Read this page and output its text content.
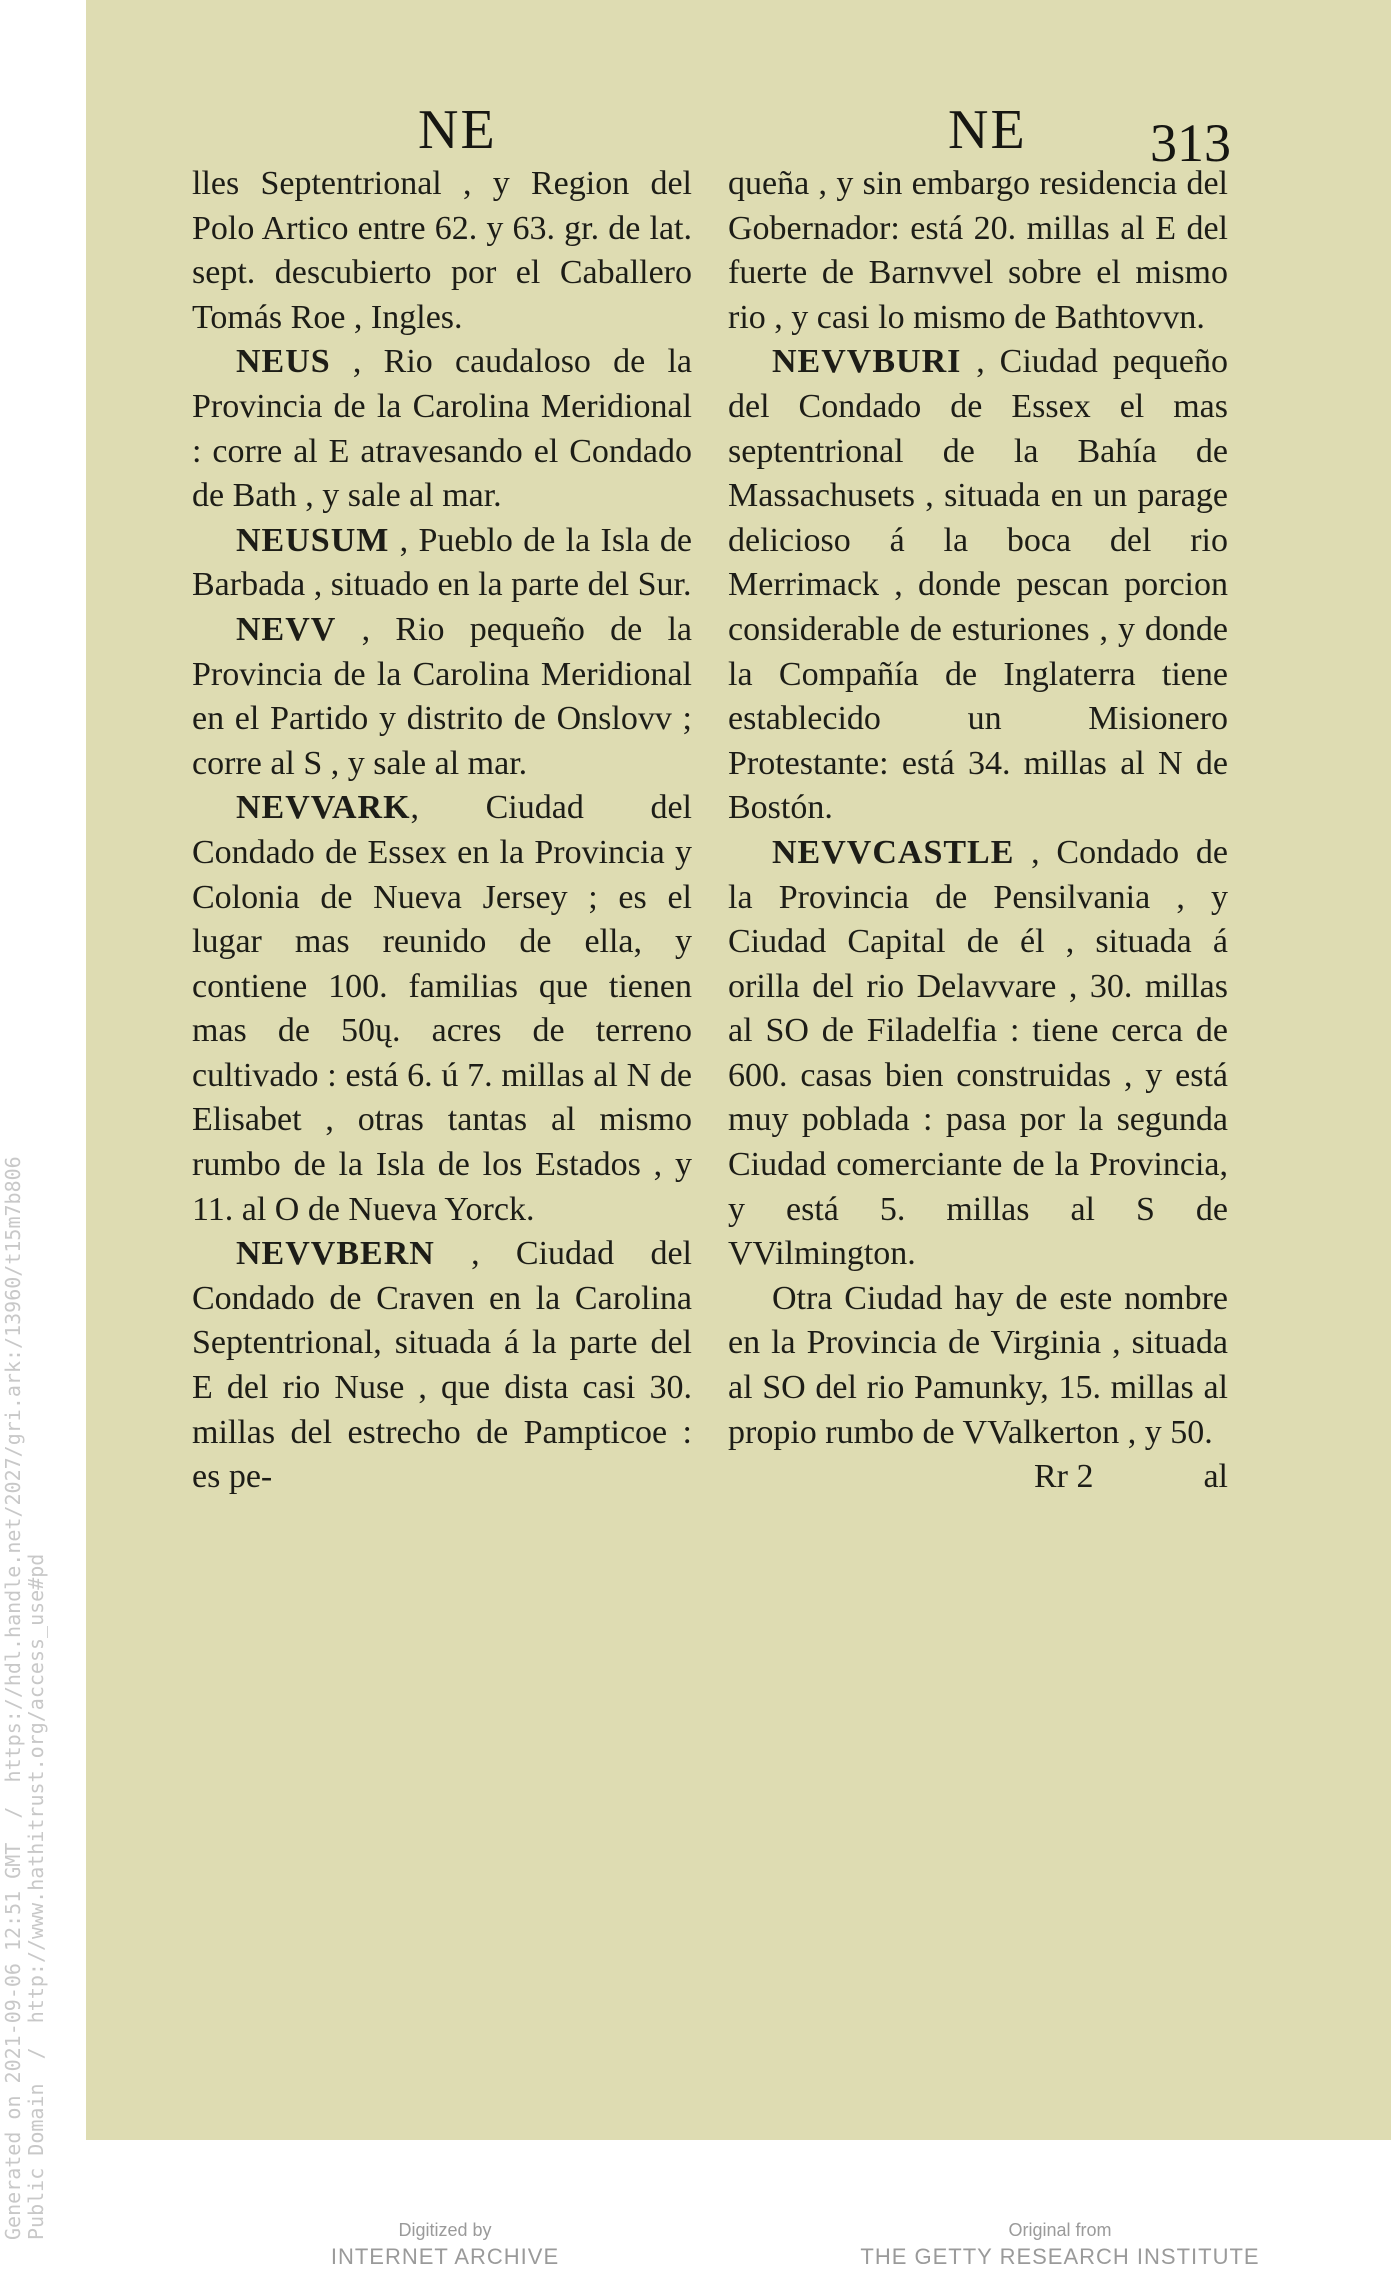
Generated on 2021-09-06 12:51 GMT  /  https://hdl.handle.net/2027/gri.ark:/13960/t15m7b806
Public Domain  /  http://www.hathitrust.org/access_use#pd
NE	NE 313

lles Septentrional , y Region del Polo Artico entre 62. y 63. gr. de lat. sept. descubierto por el Caballero Tomás Roe , Ingles.

NEUS , Rio caudaloso de la Provincia de la Carolina Meridional : corre al E atravesando el Condado de Bath , y sale al mar.

NEUSUM , Pueblo de la Isla de Barbada , situado en la parte del Sur.

NEVV , Rio pequeño de la Provincia de la Carolina Meridional en el Partido y distrito de Onslovv ; corre al S , y sale al mar.

NEVVARK, Ciudad del Condado de Essex en la Provincia y Colonia de Nueva Jersey ; es el lugar mas reunido de ella, y contiene 100. familias que tienen mas de 50ų. acres de terreno cultivado : está 6. ú 7. millas al N de Elisabet , otras tantas al mismo rumbo de la Isla de los Estados , y 11. al O de Nueva Yorck.

NEVVBERN , Ciudad del Condado de Craven en la Carolina Septentrional, situada á la parte del E del rio Nuse , que dista casi 30. millas del estrecho de Pampticoe : es pe-

queña , y sin embargo residencia del Gobernador: está 20. millas al E del fuerte de Barnvvel sobre el mismo rio , y casi lo mismo de Bathtovvn.

NEVVBURI , Ciudad pequeño del Condado de Essex el mas septentrional de la Bahía de Massachusets , situada en un parage delicioso á la boca del rio Merrimack , donde pescan porcion considerable de esturiones , y donde la Compañía de Inglaterra tiene establecido un Misionero Protestante: está 34. millas al N de Bostón.

NEVVCASTLE , Condado de la Provincia de Pensilvania , y Ciudad Capital de él , situada á orilla del rio Delavvare , 30. millas al SO de Filadelfia : tiene cerca de 600. casas bien construidas , y está muy poblada : pasa por la segunda Ciudad comerciante de la Provincia, y está 5. millas al S de VVilmington.

Otra Ciudad hay de este nombre en la Provincia de Virginia , situada al SO del rio Pamunky, 15. millas al propio rumbo de VValkerton , y 50.

Rr 2	al
Digitized by
INTERNET ARCHIVE
Original from
THE GETTY RESEARCH INSTITUTE
